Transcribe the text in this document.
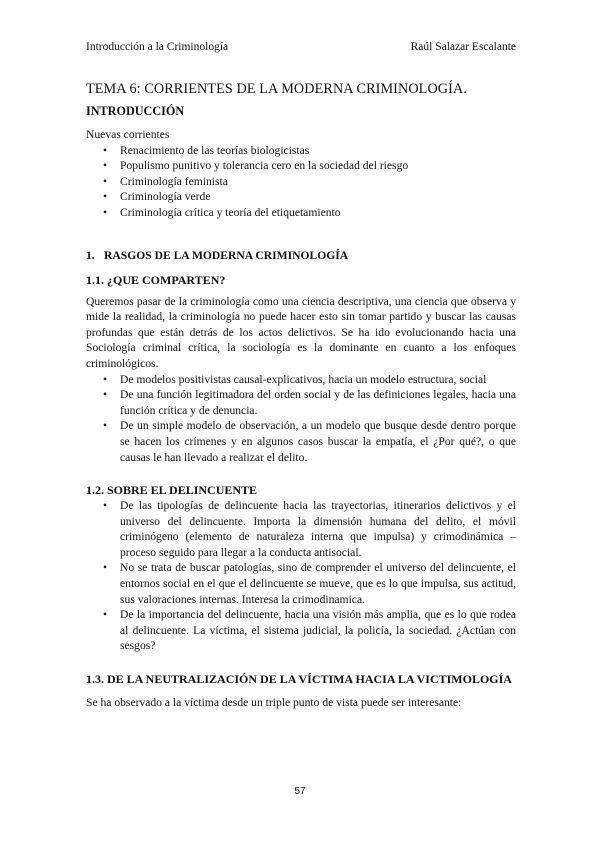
Introducción a la Criminología	Raúl Salazar Escalante
TEMA 6: CORRIENTES DE LA MODERNA CRIMINOLOGÍA.
INTRODUCCIÓN
Nuevas corrientes
• Renacimiento de las teorías biologicistas
• Populismo punitivo y tolerancia cero en la sociedad del riesgo
• Criminología feminista
• Criminología verde
• Criminología crítica y teoría del etiquetamiento
1. RASGOS DE LA MODERNA CRIMINOLOGÍA
1.1. ¿QUE COMPARTEN?
Queremos pasar de la criminología como una ciencia descriptiva, una ciencia que observa y mide la realidad, la criminología no puede hacer esto sin tomar partido y buscar las causas profundas que están detrás de los actos delictivos. Se ha ido evolucionando hacia una Sociología criminal crítica, la sociología es la dominante en cuanto a los enfoques criminológicos.
• De modelos positivistas causal-explicativos, hacia un modelo estructura, social
• De una función legitimadora del orden social y de las definiciones legales, hacia una función crítica y de denuncia.
• De un simple modelo de observación, a un modelo que busque desde dentro porque se hacen los crímenes y en algunos casos buscar la empatía, el ¿Por qué?, o que causas le han llevado a realizar el delito.
1.2. SOBRE EL DELINCUENTE
• De las tipologías de delincuente hacia las trayectorias, itinerarios delictivos y el universo del delincuente. Importa la dimensión humana del delito, el móvil criminógeno (elemento de naturaleza interna que impulsa) y crimodinámica – proceso seguido para llegar a la conducta antisocial.
• No se trata de buscar patologías, sino de comprender el universo del delincuente, el entornos social en el que el delincuente se mueve, que es lo que impulsa, sus actitud, sus valoraciones internas. Interesa la crimodinamica.
• De la importancia del delincuente, hacia una visión más amplia, que es lo que rodea al delincuente. La víctima, el sistema judicial, la policía, la sociedad. ¿Actúan con sesgos?
1.3. DE LA NEUTRALIZACIÓN DE LA VÍCTIMA HACIA LA VICTIMOLOGÍA
Se ha observado a la víctima desde un triple punto de vista puede ser interesante:
57
